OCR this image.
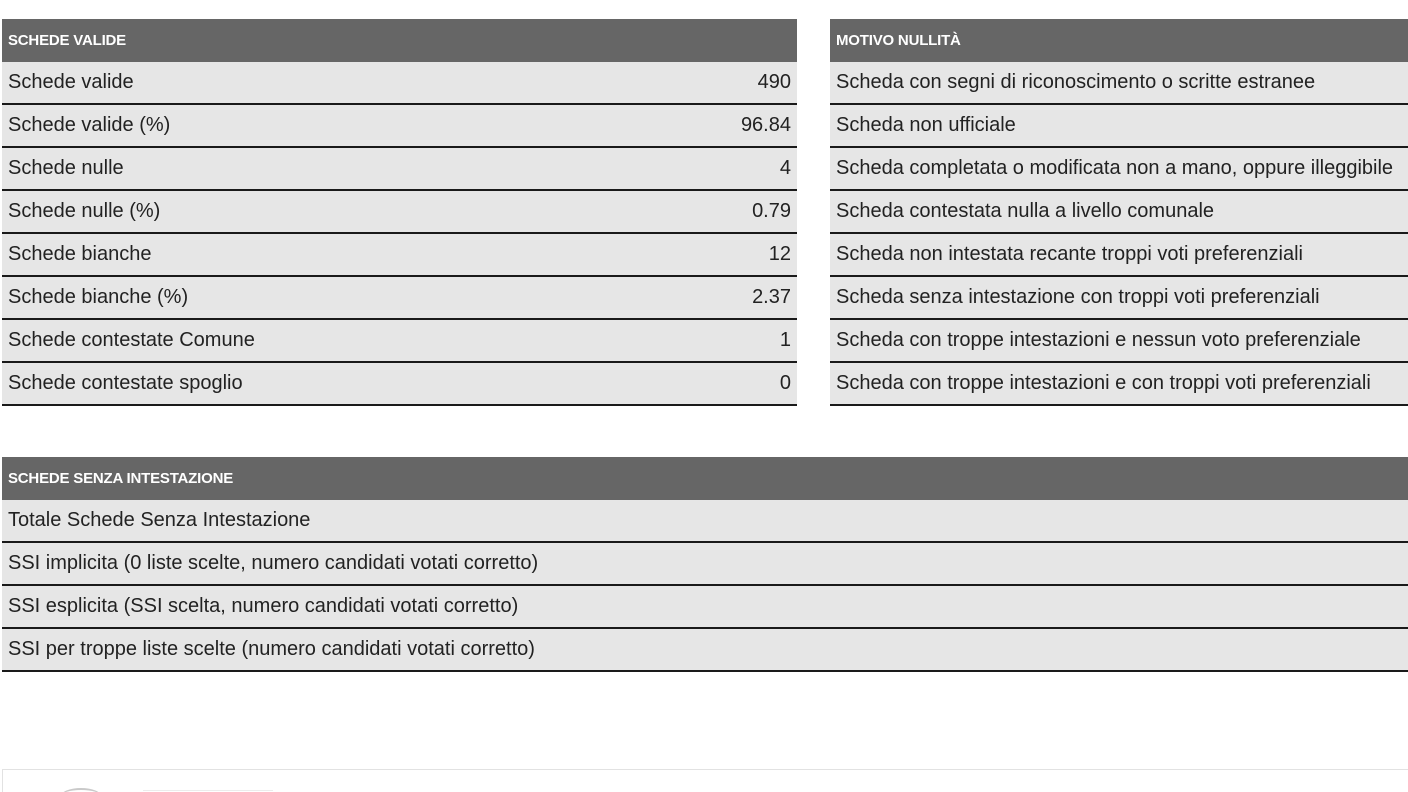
SCHEDE VALIDE	
Schede valide	490
Schede valide (%)	96.84
Schede nulle	4
Schede nulle (%)	0.79
Schede bianche	12
Schede bianche (%)	2.37
Schede contestate Comune	1
Schede contestate spoglio	0
MOTIVO NULLITÀ
Scheda con segni di riconoscimento o scritte estranee
Scheda non ufficiale
Scheda completata o modificata non a mano, oppure illeggibile
Scheda contestata nulla a livello comunale
Scheda non intestata recante troppi voti preferenziali
Scheda senza intestazione con troppi voti preferenziali
Scheda con troppe intestazioni e nessun voto preferenziale
Scheda con troppe intestazioni e con troppi voti preferenziali
SCHEDE SENZA INTESTAZIONE
Totale Schede Senza Intestazione
SSI implicita (0 liste scelte, numero candidati votati corretto)
SSI esplicita (SSI scelta, numero candidati votati corretto)
SSI per troppe liste scelte (numero candidati votati corretto)
